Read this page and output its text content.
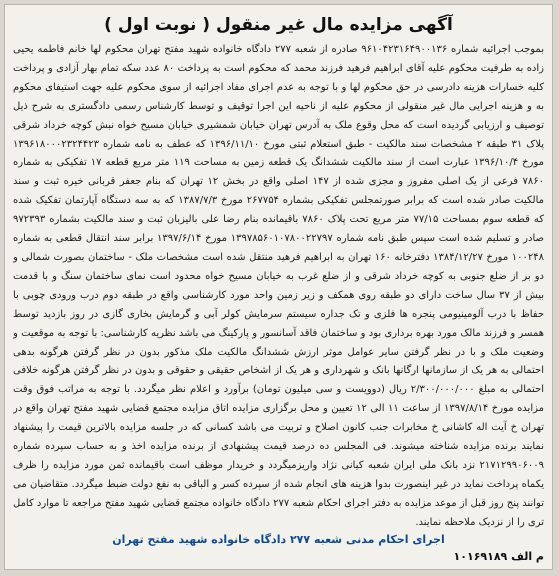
آگهی مزایده مال غیر منقول ( نوبت اول )
بموجب اجرائیه شماره ۹۶۱۰۴۲۳۱۶۴۹۰۰۱۳۶ صادره از شعبه ۲۷۷ دادگاه خانواده شهید مفتح تهران محکوم لها خانم فاطمه یحیی زاده به طرفیت محکوم علیه آقای ابراهیم فرهید فرزند محمد که محکوم است به پرداخت ۸۰ عدد سکه تمام بهار آزادی و پرداخت کلیه خسارات هزینه دادرسی در حق محکوم لها و با توجه به عدم اجرای مفاد اجرائیه از سوی محکوم علیه جهت استیفای محکوم به و هزینه اجرایی مال غیر منقولی از محکوم علیه از ناحیه این اجرا توقیف و توسط کارشناس رسمی دادگستری به شرح ذیل توصیف و ارزیابی گردیده است که محل وقوع ملک به آدرس تهران خیابان شمشیری خیابان مسیح خواه نبش کوچه خرداد شرقی پلاک ۳۱ طبقه ۲ مشخصات سند مالکیت - طبق استعلام ثبتی مورخ ۱۳۹۶/۱۱/۱۰ که عطف به نامه شماره ۱۳۹۶۱۸۰۰۰۲۳۲۴۴۲۳ مورخ ۱۳۹۶/۱۰/۴ عبارت است از سند مالکیت ششدانگ یک قطعه زمین به مساحت ۱۱۹ متر مربع قطعه ۱۷ تفکیکی به شماره ۷۸۶۰ فرعی از یک اصلی مفروز و مجزی شده از ۱۴۷ اصلی واقع در بخش ۱۲ تهران که بنام جعفر قربانی خیره ثبت و سند مالکیت صادر شده است که برابر صورتمجلس تفکیکی بشماره ۲۶۷۷۵۴ مورخ ۱۳۸۷/۷/۳ که به سه دستگاه آپارتمان تفکیک شده که قطعه سوم بمساحت ۷۷/۱۵ متر مربع تحت پلاک ۷۸۶۰ باقیمانده بنام رضا علی بالیزبان ثبت و سند مالکیت بشماره ۹۷۲۳۹۳ صادر و تسلیم شده است سپس طبق نامه شماره ۱۳۹۷۸۵۶۰۱۰۷۸۰۰۲۲۷۹۷ مورخ ۱۳۹۷/۶/۱۴ برابر سند انتقال قطعی به شماره ۱۰۰۲۴۸ مورخ ۱۳۸۴/۱۲/۲۷ دفترخانه ۱۶۰ تهران به ابراهیم فرهید منتقل شده است مشخصات ملک - ساختمان بصورت شمالی و دو بر از ضلع جنوبی به کوچه خرداد شرقی و از ضلع غرب به خیابان مسیح خواه محدود است نمای ساختمان سنگ و با قدمت بیش از ۳۷ سال ساخت دارای دو طبقه روی همکف و زیر زمین واحد مورد کارشناسی واقع در طبقه دوم درب ورودی چوبی با حفاظ با درب آلومینیومی پنجره ها فلزی و تک جداره سیستم سرمایش کولر آبی و گرمایش بخاری گازی در روز بازدید توسط همسر و فرزند مالک مورد بهره برداری بود و ساختمان فاقد آسانسور و پارکینگ می باشد نظریه کارشناسی: با توجه به موقعیت و وضعیت ملک و با در نظر گرفتن سایر عوامل موثر ارزش ششدانگ مالکیت ملک مذکور بدون در نظر گرفتن هرگونه بدهی احتمالی به هر یک از سازمانها ارگانها بانک و شهرداری و هر یک از اشخاص حقیقی و حقوقی و بدون در نظر گرفتن هرگونه خلافی احتمالی به مبلغ ۲/۳۰۰/۰۰۰/۰۰۰ ریال (دوویست و سی میلیون تومان) برآورد و اعلام نظر میگردد. با توجه به مراتب فوق وقت مزایده مورخ ۱۳۹۷/۸/۱۴ از ساعت ۱۱ الی ۱۲ تعیین و محل برگزاری مزایده اتاق مزایده مجتمع قضایی شهید مفتح تهران واقع در تهران خ آیت اله کاشانی خ مخابرات جنب کانون اصلاح و تربیت می باشد کسانی که در جلسه مزایده بالاترین قیمت را پیشنهاد نمایند برنده مزایده شناخته میشوند. فی المجلس ده درصد قیمت پیشنهادی از برنده مزایده اخذ و به حساب سپرده شماره ۲۱۷۱۲۹۹۰۶۰۰۹ نزد بانک ملی ایران شعبه کیانی نژاد واریزمیگردد و خریدار موظف است باقیمانده ثمن مورد مزایده را ظرف یکماه پرداخت نماید در غیر اینصورت بدوا هزینه های انجام شده از سپرده کسر و الباقی به نفع دولت ضبط میگردد. متقاضیان می توانند پنج روز قبل از موعد مزایده به دفتر اجرای احکام شعبه ۲۷۷ دادگاه خانواده مجتمع قضایی شهید مفتح مراجعه تا موارد کامل تری را از نزدیک ملاحظه نمایند.
اجرای احکام مدنی شعبه ۲۷۷ دادگاه خانواده شهید مفتح تهران
م الف ۱۰۱۶۹۱۸۹
